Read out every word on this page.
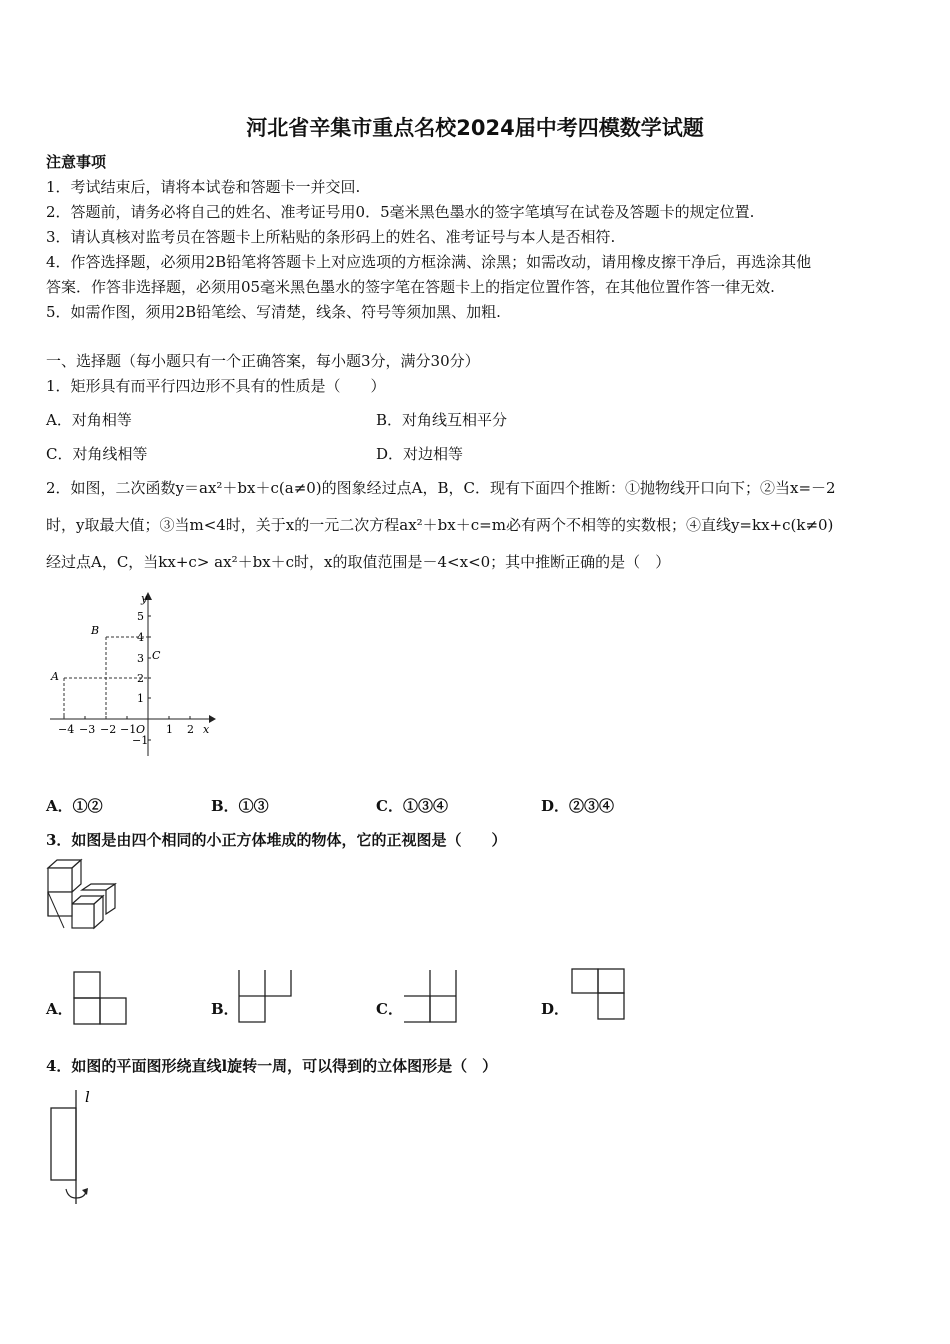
河北省辛集市重点名校2024届中考四模数学试题
注意事项
1．考试结束后，请将本试卷和答题卡一并交回.
2．答题前，请务必将自己的姓名、准考证号用0．5毫米黑色墨水的签字笔填写在试卷及答题卡的规定位置.
3．请认真核对监考员在答题卡上所粘贴的条形码上的姓名、准考证号与本人是否相符.
4．作答选择题，必须用2B铅笔将答题卡上对应选项的方框涂满、涂黑；如需改动，请用橡皮擦干净后，再选涂其他
答案．作答非选择题，必须用05毫米黑色墨水的签字笔在答题卡上的指定位置作答，在其他位置作答一律无效.
5．如需作图，须用2B铅笔绘、写清楚，线条、符号等须加黑、加粗.
一、选择题（每小题只有一个正确答案，每小题3分，满分30分）
1．矩形具有而平行四边形不具有的性质是（　　）
A．对角相等	B．对角线互相平分
C．对角线相等	D．对边相等
2．如图，二次函数y＝ax²＋bx＋c(a≠0)的图象经过点A，B，C．现有下面四个推断：①抛物线开口向下；②当x=－2
时，y取最大值；③当m<4时，关于x的一元二次方程ax²＋bx＋c=m必有两个不相等的实数根；④直线y=kx+c(k≠0)
经过点A，C，当kx+c> ax²＋bx＋c时，x的取值范围是－4<x<0；其中推断正确的是（　）
y
x
O
−4 −3 −2 −1	1 2
5
4
3
2
1
−1
A
B
C
A．①②	B．①③	C．①③④	D．②③④
3．如图是由四个相同的小正方体堆成的物体，它的正视图是（　　）
A．	B．	C．	D．
4．如图的平面图形绕直线l旋转一周，可以得到的立体图形是（　）
l
